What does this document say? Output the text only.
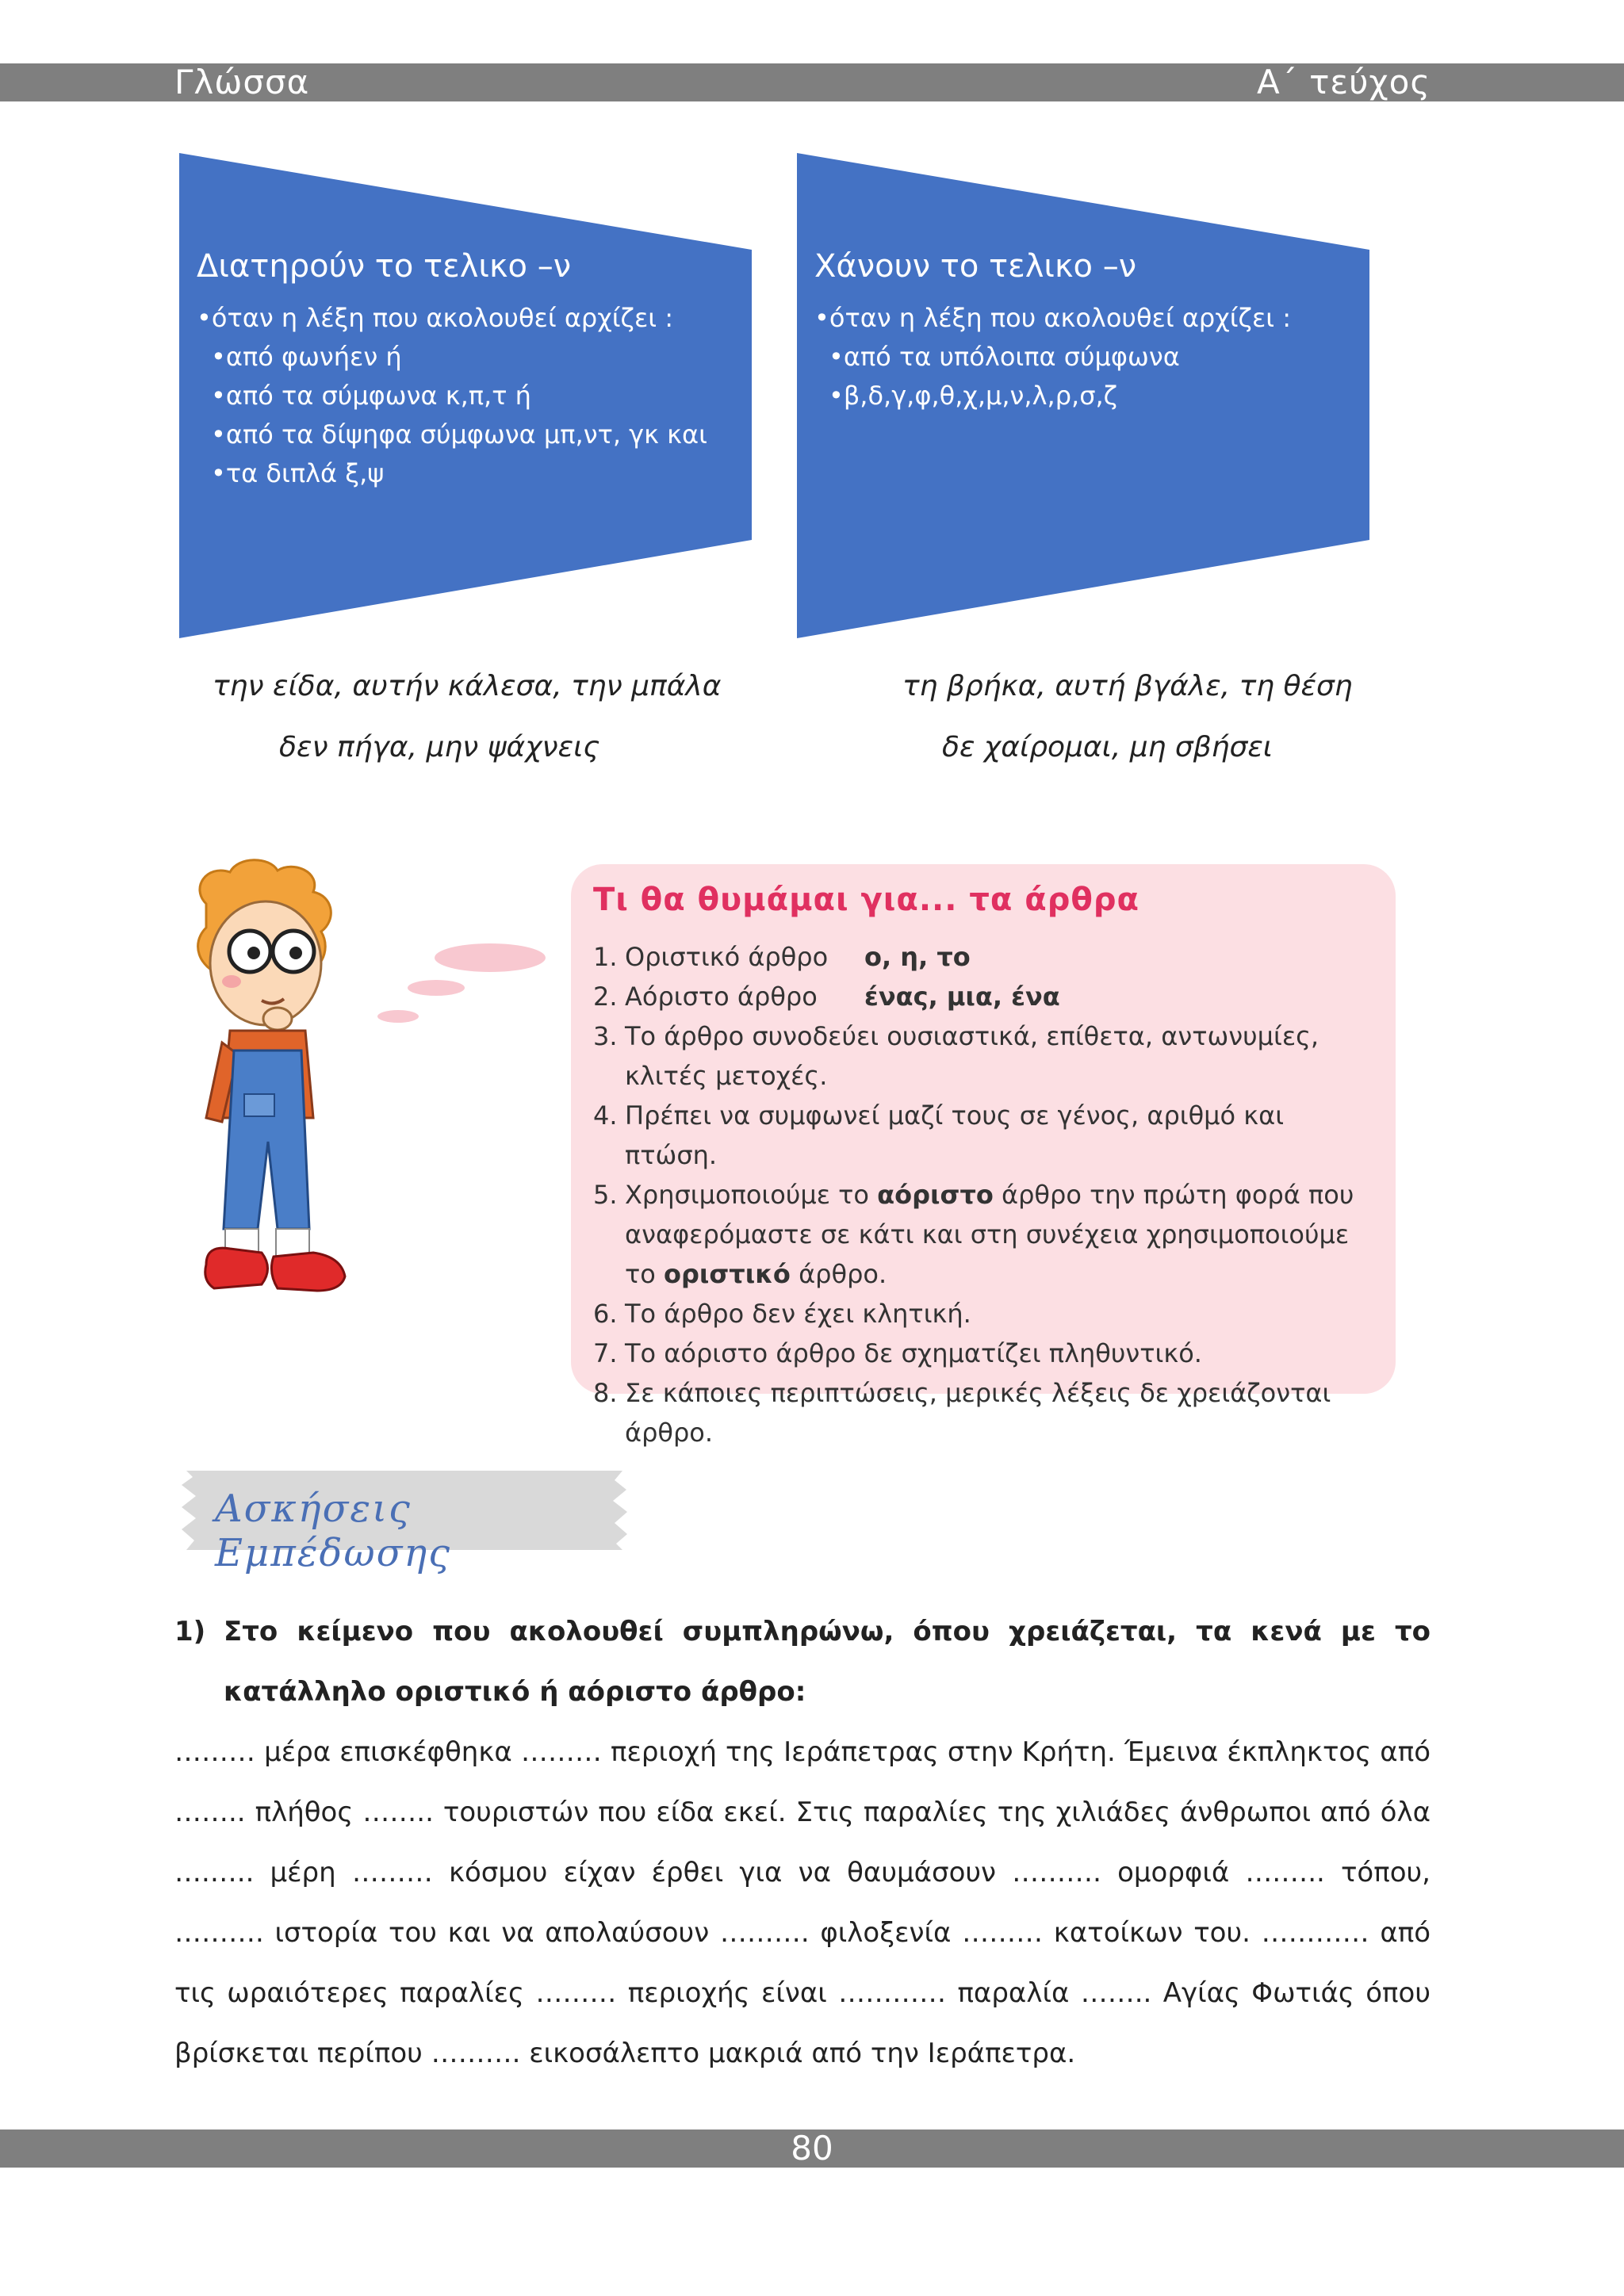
Γλώσσα	Α΄ τεύχος
Διατηρούν το τελικο –ν
•όταν η λέξη που ακολουθεί αρχίζει :
•από φωνήεν ή
•από τα σύμφωνα κ,π,τ ή
•από τα δίψηφα σύμφωνα μπ,ντ, γκ και
•τα διπλά ξ,ψ
Χάνουν το τελικο –ν
•όταν η λέξη που ακολουθεί αρχίζει :
•από τα υπόλοιπα σύμφωνα
•β,δ,γ,φ,θ,χ,μ,ν,λ,ρ,σ,ζ
την είδα, αυτήν κάλεσα, την μπάλα
δεν πήγα, μην ψάχνεις
τη βρήκα, αυτή βγάλε, τη θέση
δε χαίρομαι, μη σβήσει
Τι θα θυμάμαι για... τα άρθρα
1. Οριστικό άρθρο ο, η, το
2. Αόριστο άρθρο ένας, μια, ένα
3. Το άρθρο συνοδεύει ουσιαστικά, επίθετα, αντωνυμίες, κλιτές μετοχές.
4. Πρέπει να συμφωνεί μαζί τους σε γένος, αριθμό και πτώση.
5. Χρησιμοποιούμε το αόριστο άρθρο την πρώτη φορά που αναφερόμαστε σε κάτι και στη συνέχεια χρησιμοποιούμε το οριστικό άρθρο.
6. Το άρθρο δεν έχει κλητική.
7. Το αόριστο άρθρο δε σχηματίζει πληθυντικό.
8. Σε κάποιες περιπτώσεις, μερικές λέξεις δε χρειάζονται άρθρο.
Ασκήσεις Εμπέδωσης
1) Στο κείμενο που ακολουθεί συμπληρώνω, όπου χρειάζεται, τα κενά με το κατάλληλο οριστικό ή αόριστο άρθρο:
……… μέρα επισκέφθηκα ……… περιοχή της Ιεράπετρας στην Κρήτη. Έμεινα έκπληκτος από …….. πλήθος …….. τουριστών που είδα εκεί. Στις παραλίες της χιλιάδες άνθρωποι από όλα ….….. μέρη ……… κόσμου είχαν έρθει για να θαυμάσουν ………. ομορφιά ….….. τόπου, ………. ιστορία του και να απολαύσουν ………. φιλοξενία ……… κατοίκων του. ………… από τις ωραιότερες παραλίες ……… περιοχής είναι ………… παραλία …….. Αγίας Φωτιάς όπου βρίσκεται περίπου ………. εικοσάλεπτο μακριά από την Ιεράπετρα.
80
